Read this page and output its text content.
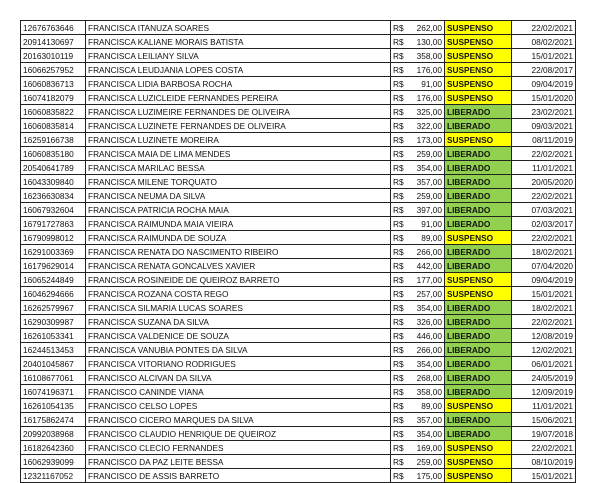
12676763646	FRANCISCA ITANUZA SOARES	R$ 262,00	SUSPENSO	22/02/2021
20914130697	FRANCISCA KALIANE MORAIS BATISTA	R$ 130,00	SUSPENSO	08/02/2021
20163010119	FRANCISCA LEILIANY SILVA	R$ 358,00	SUSPENSO	15/01/2021
16066257952	FRANCISCA LEUDJANIA LOPES COSTA	R$ 176,00	SUSPENSO	22/08/2017
16060836713	FRANCISCA LIDIA BARBOSA ROCHA	R$ 91,00	SUSPENSO	09/04/2019
16074182079	FRANCISCA LUZICLEIDE FERNANDES PEREIRA	R$ 176,00	SUSPENSO	15/01/2020
16060835822	FRANCISCA LUZIMEIRE FERNANDES DE OLIVEIRA	R$ 325,00	LIBERADO	23/02/2021
16060835814	FRANCISCA LUZINETE FERNANDES DE OLIVEIRA	R$ 322,00	LIBERADO	09/03/2021
16259166738	FRANCISCA LUZINETE MOREIRA	R$ 173,00	SUSPENSO	08/11/2019
16060835180	FRANCISCA MAIA DE LIMA MENDES	R$ 259,00	LIBERADO	22/02/2021
20540641789	FRANCISCA MARILAC BESSA	R$ 354,00	LIBERADO	11/01/2021
16043309840	FRANCISCA MILENE TORQUATO	R$ 357,00	LIBERADO	20/05/2020
16236630834	FRANCISCA NEUMA DA SILVA	R$ 259,00	LIBERADO	22/02/2021
16067932604	FRANCISCA PATRICIA ROCHA MAIA	R$ 397,00	LIBERADO	07/03/2021
16791727863	FRANCISCA RAIMUNDA MAIA VIEIRA	R$ 91,00	LIBERADO	02/03/2017
16790998012	FRANCISCA RAIMUNDA DE SOUZA	R$ 89,00	SUSPENSO	22/02/2021
16291003369	FRANCISCA RENATA DO NASCIMENTO RIBEIRO	R$ 266,00	LIBERADO	18/02/2021
16179629014	FRANCISCA RENATA GONCALVES XAVIER	R$ 442,00	LIBERADO	07/04/2020
16065244849	FRANCISCA ROSINEIDE DE QUEIROZ BARRETO	R$ 177,00	SUSPENSO	09/04/2019
16046294666	FRANCISCA ROZANA COSTA REGO	R$ 257,00	SUSPENSO	15/01/2021
16262579967	FRANCISCA SILMARIA LUCAS SOARES	R$ 354,00	LIBERADO	18/02/2021
16290309987	FRANCISCA SUZANA DA SILVA	R$ 326,00	LIBERADO	22/02/2021
16261053341	FRANCISCA VALDENICE DE SOUZA	R$ 446,00	LIBERADO	12/08/2019
16244513453	FRANCISCA VANUBIA PONTES DA SILVA	R$ 266,00	LIBERADO	12/02/2021
20401045867	FRANCISCA VITORIANO RODRIGUES	R$ 354,00	LIBERADO	06/01/2021
16108677061	FRANCISCO ALCIVAN DA SILVA	R$ 268,00	LIBERADO	24/05/2019
16074196371	FRANCISCO CANINDE VIANA	R$ 358,00	LIBERADO	12/09/2019
16261054135	FRANCISCO CELSO LOPES	R$ 89,00	SUSPENSO	11/01/2021
16175862474	FRANCISCO CICERO MARQUES DA SILVA	R$ 357,00	LIBERADO	15/06/2021
20992038968	FRANCISCO CLAUDIO HENRIQUE DE QUEIROZ	R$ 354,00	LIBERADO	19/07/2018
16182642360	FRANCISCO CLECIO FERNANDES	R$ 169,00	SUSPENSO	22/02/2021
16062939099	FRANCISCO DA PAZ LEITE BESSA	R$ 259,00	SUSPENSO	08/10/2019
12321167052	FRANCISCO DE ASSIS BARRETO	R$ 175,00	SUSPENSO	15/01/2021
